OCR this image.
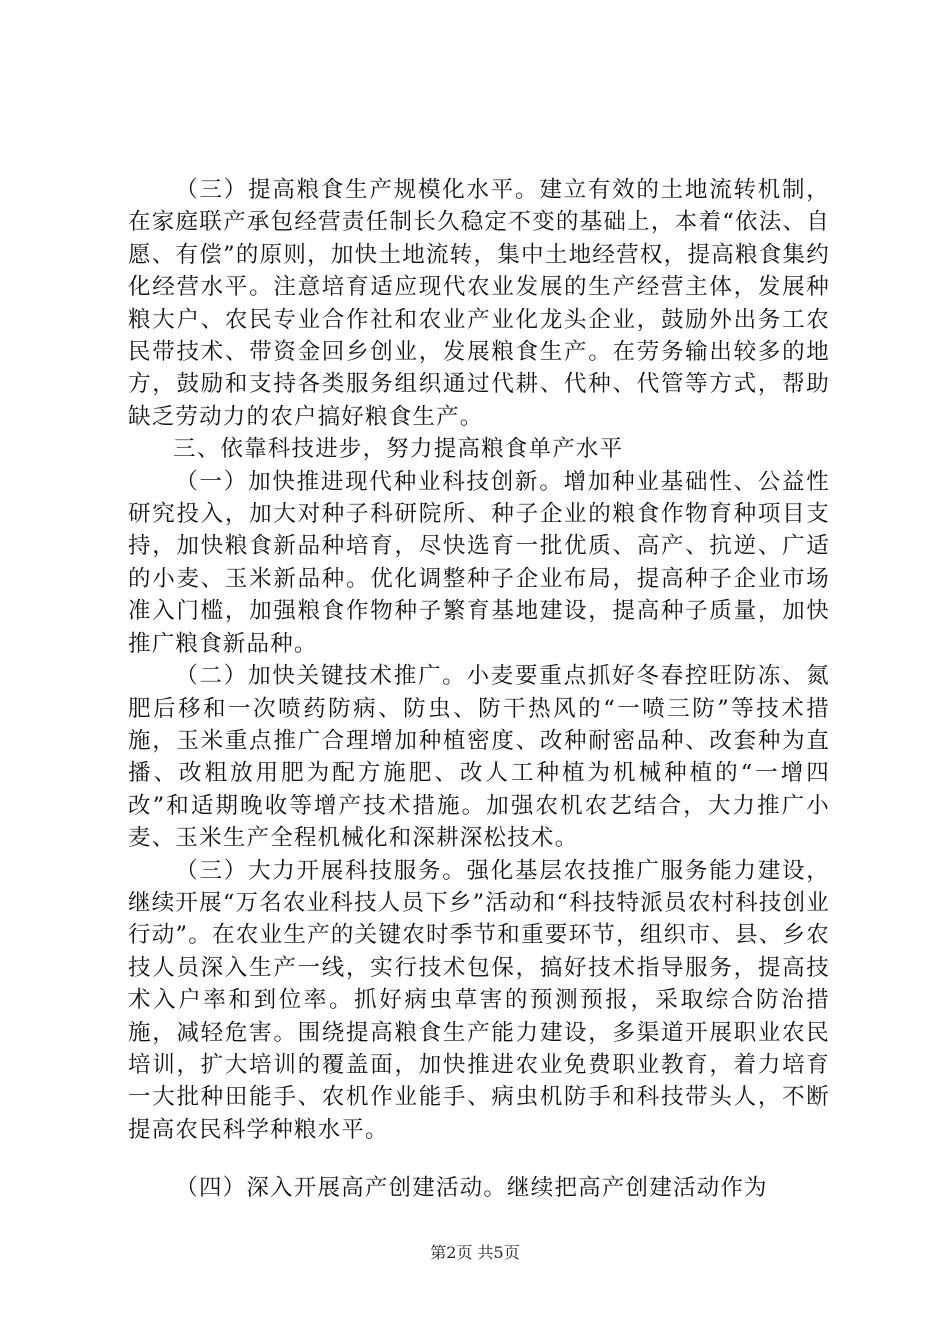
（三）提高粮食生产规模化水平。建立有效的土地流转机制，在家庭联产承包经营责任制长久稳定不变的基础上，本着“依法、自愿、有偿”的原则，加快土地流转，集中土地经营权，提高粮食集约化经营水平。注意培育适应现代农业发展的生产经营主体，发展种粮大户、农民专业合作社和农业产业化龙头企业，鼓励外出务工农民带技术、带资金回乡创业，发展粮食生产。在劳务输出较多的地方，鼓励和支持各类服务组织通过代耕、代种、代管等方式，帮助缺乏劳动力的农户搞好粮食生产。

三、依靠科技进步，努力提高粮食单产水平

（一）加快推进现代种业科技创新。增加种业基础性、公益性研究投入，加大对种子科研院所、种子企业的粮食作物育种项目支持，加快粮食新品种培育，尽快选育一批优质、高产、抗逆、广适的小麦、玉米新品种。优化调整种子企业布局，提高种子企业市场准入门槛，加强粮食作物种子繁育基地建设，提高种子质量，加快推广粮食新品种。

（二）加快关键技术推广。小麦要重点抓好冬春控旺防冻、氮肥后移和一次喷药防病、防虫、防干热风的“一喷三防”等技术措施，玉米重点推广合理增加种植密度、改种耐密品种、改套种为直播、改粗放用肥为配方施肥、改人工种植为机械种植的“一增四改”和适期晚收等增产技术措施。加强农机农艺结合，大力推广小麦、玉米生产全程机械化和深耕深松技术。

（三）大力开展科技服务。强化基层农技推广服务能力建设，继续开展“万名农业科技人员下乡”活动和“科技特派员农村科技创业行动”。在农业生产的关键农时季节和重要环节，组织市、县、乡农技人员深入生产一线，实行技术包保，搞好技术指导服务，提高技术入户率和到位率。抓好病虫草害的预测预报，采取综合防治措施，减轻危害。围绕提高粮食生产能力建设，多渠道开展职业农民培训，扩大培训的覆盖面，加快推进农业免费职业教育，着力培育一大批种田能手、农机作业能手、病虫机防手和科技带头人，不断提高农民科学种粮水平。

（四）深入开展高产创建活动。继续把高产创建活动作为

第2页 共5页
